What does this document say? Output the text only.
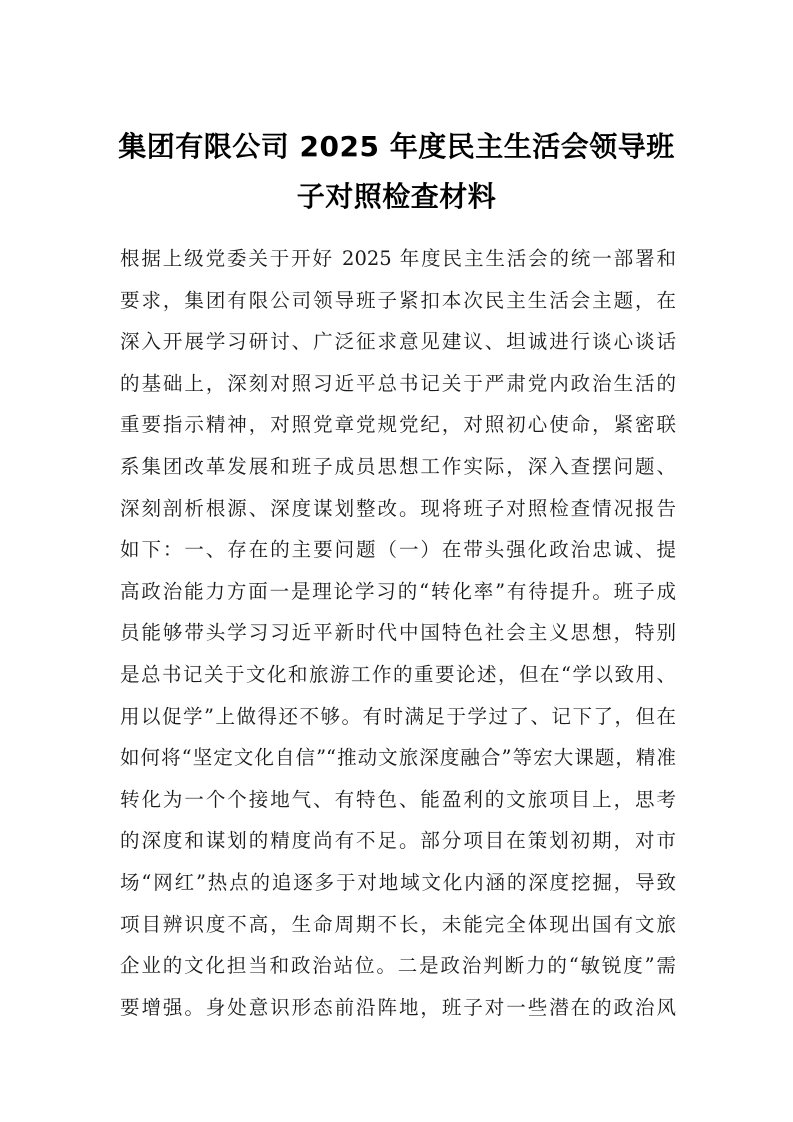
集团有限公司 2025 年度民主生活会领导班
子对照检查材料
根据上级党委关于开好 2025 年度民主生活会的统一部署和
要求，集团有限公司领导班子紧扣本次民主生活会主题，在
深入开展学习研讨、广泛征求意见建议、坦诚进行谈心谈话
的基础上，深刻对照习近平总书记关于严肃党内政治生活的
重要指示精神，对照党章党规党纪，对照初心使命，紧密联
系集团改革发展和班子成员思想工作实际，深入查摆问题、
深刻剖析根源、深度谋划整改。现将班子对照检查情况报告
如下：一、存在的主要问题（一）在带头强化政治忠诚、提
高政治能力方面一是理论学习的“转化率”有待提升。班子成
员能够带头学习习近平新时代中国特色社会主义思想，特别
是总书记关于文化和旅游工作的重要论述，但在“学以致用、
用以促学”上做得还不够。有时满足于学过了、记下了，但在
如何将“坚定文化自信”“推动文旅深度融合”等宏大课题，精准
转化为一个个接地气、有特色、能盈利的文旅项目上，思考
的深度和谋划的精度尚有不足。部分项目在策划初期，对市
场“网红”热点的追逐多于对地域文化内涵的深度挖掘，导致
项目辨识度不高，生命周期不长，未能完全体现出国有文旅
企业的文化担当和政治站位。二是政治判断力的“敏锐度”需
要增强。身处意识形态前沿阵地，班子对一些潜在的政治风
